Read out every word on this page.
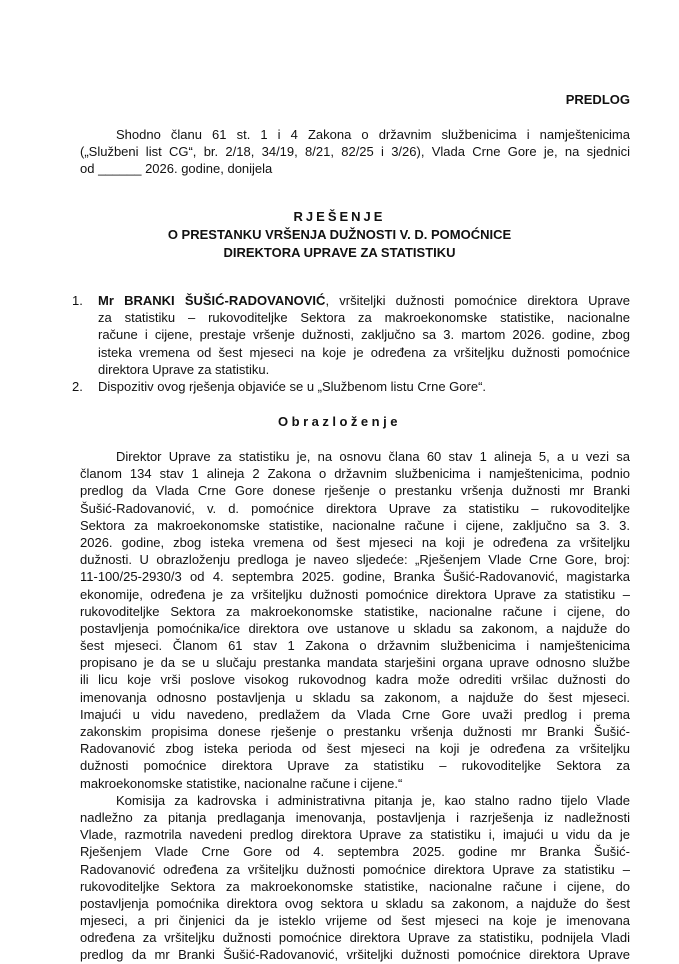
PREDLOG
Shodno članu 61 st. 1 i 4 Zakona o državnim službenicima i namještenicima
(„Službeni list CG“, br. 2/18, 34/19, 8/21, 82/25 i 3/26), Vlada Crne Gore je, na sjednici
od ______ 2026. godine, donijela
RJEŠENJE
O PRESTANKU VRŠENJA DUŽNOSTI V. D. POMOĆNICE
DIREKTORA UPRAVE ZA STATISTIKU
1. Mr BRANKI ŠUŠIĆ-RADOVANOVIĆ, vršiteljki dužnosti pomoćnice direktora Uprave
za statistiku – rukovoditeljke Sektora za makroekonomske statistike, nacionalne
račune i cijene, prestaje vršenje dužnosti, zaključno sa 3. martom 2026. godine, zbog
isteka vremena od šest mjeseci na koje je određena za vršiteljku dužnosti pomoćnice
direktora Uprave za statistiku.
2. Dispozitiv ovog rješenja objaviće se u „Službenom listu Crne Gore“.
Obrazloženje
Direktor Uprave za statistiku je, na osnovu člana 60 stav 1 alineja 5, a u vezi sa
članom 134 stav 1 alineja 2 Zakona o državnim službenicima i namještenicima, podnio
predlog da Vlada Crne Gore donese rješenje o prestanku vršenja dužnosti mr Branki
Šušić-Radovanović, v. d. pomoćnice direktora Uprave za statistiku – rukovoditeljke
Sektora za makroekonomske statistike, nacionalne račune i cijene, zaključno sa 3. 3.
2026. godine, zbog isteka vremena od šest mjeseci na koji je određena za vršiteljku
dužnosti. U obrazloženju predloga je naveo sljedeće: „Rješenjem Vlade Crne Gore, broj:
11-100/25-2930/3 od 4. septembra 2025. godine, Branka Šušić-Radovanović, magistarka
ekonomije, određena je za vršiteljku dužnosti pomoćnice direktora Uprave za statistiku –
rukovoditeljke Sektora za makroekonomske statistike, nacionalne račune i cijene, do
postavljenja pomoćnika/ice direktora ove ustanove u skladu sa zakonom, a najduže do
šest mjeseci. Članom 61 stav 1 Zakona o državnim službenicima i namještenicima
propisano je da se u slučaju prestanka mandata starješini organa uprave odnosno službe
ili licu koje vrši poslove visokog rukovodnog kadra može odrediti vršilac dužnosti do
imenovanja odnosno postavljenja u skladu sa zakonom, a najduže do šest mjeseci.
Imajući u vidu navedeno, predlažem da Vlada Crne Gore uvaži predlog i prema
zakonskim propisima donese rješenje o prestanku vršenja dužnosti mr Branki Šušić-
Radovanović zbog isteka perioda od šest mjeseci na koji je određena za vršiteljku
dužnosti pomoćnice direktora Uprave za statistiku – rukovoditeljke Sektora za
makroekonomske statistike, nacionalne račune i cijene.“
Komisija za kadrovska i administrativna pitanja je, kao stalno radno tijelo Vlade
nadležno za pitanja predlaganja imenovanja, postavljenja i razrješenja iz nadležnosti
Vlade, razmotrila navedeni predlog direktora Uprave za statistiku i, imajući u vidu da je
Rješenjem Vlade Crne Gore od 4. septembra 2025. godine mr Branka Šušić-
Radovanović određena za vršiteljku dužnosti pomoćnice direktora Uprave za statistiku –
rukovoditeljke Sektora za makroekonomske statistike, nacionalne račune i cijene, do
postavljenja pomoćnika direktora ovog sektora u skladu sa zakonom, a najduže do šest
mjeseci, a pri činjenici da je isteklo vrijeme od šest mjeseci na koje je imenovana
određena za vršiteljku dužnosti pomoćnice direktora Uprave za statistiku, podnijela Vladi
predlog da mr Branki Šušić-Radovanović, vršiteljki dužnosti pomoćnice direktora Uprave
